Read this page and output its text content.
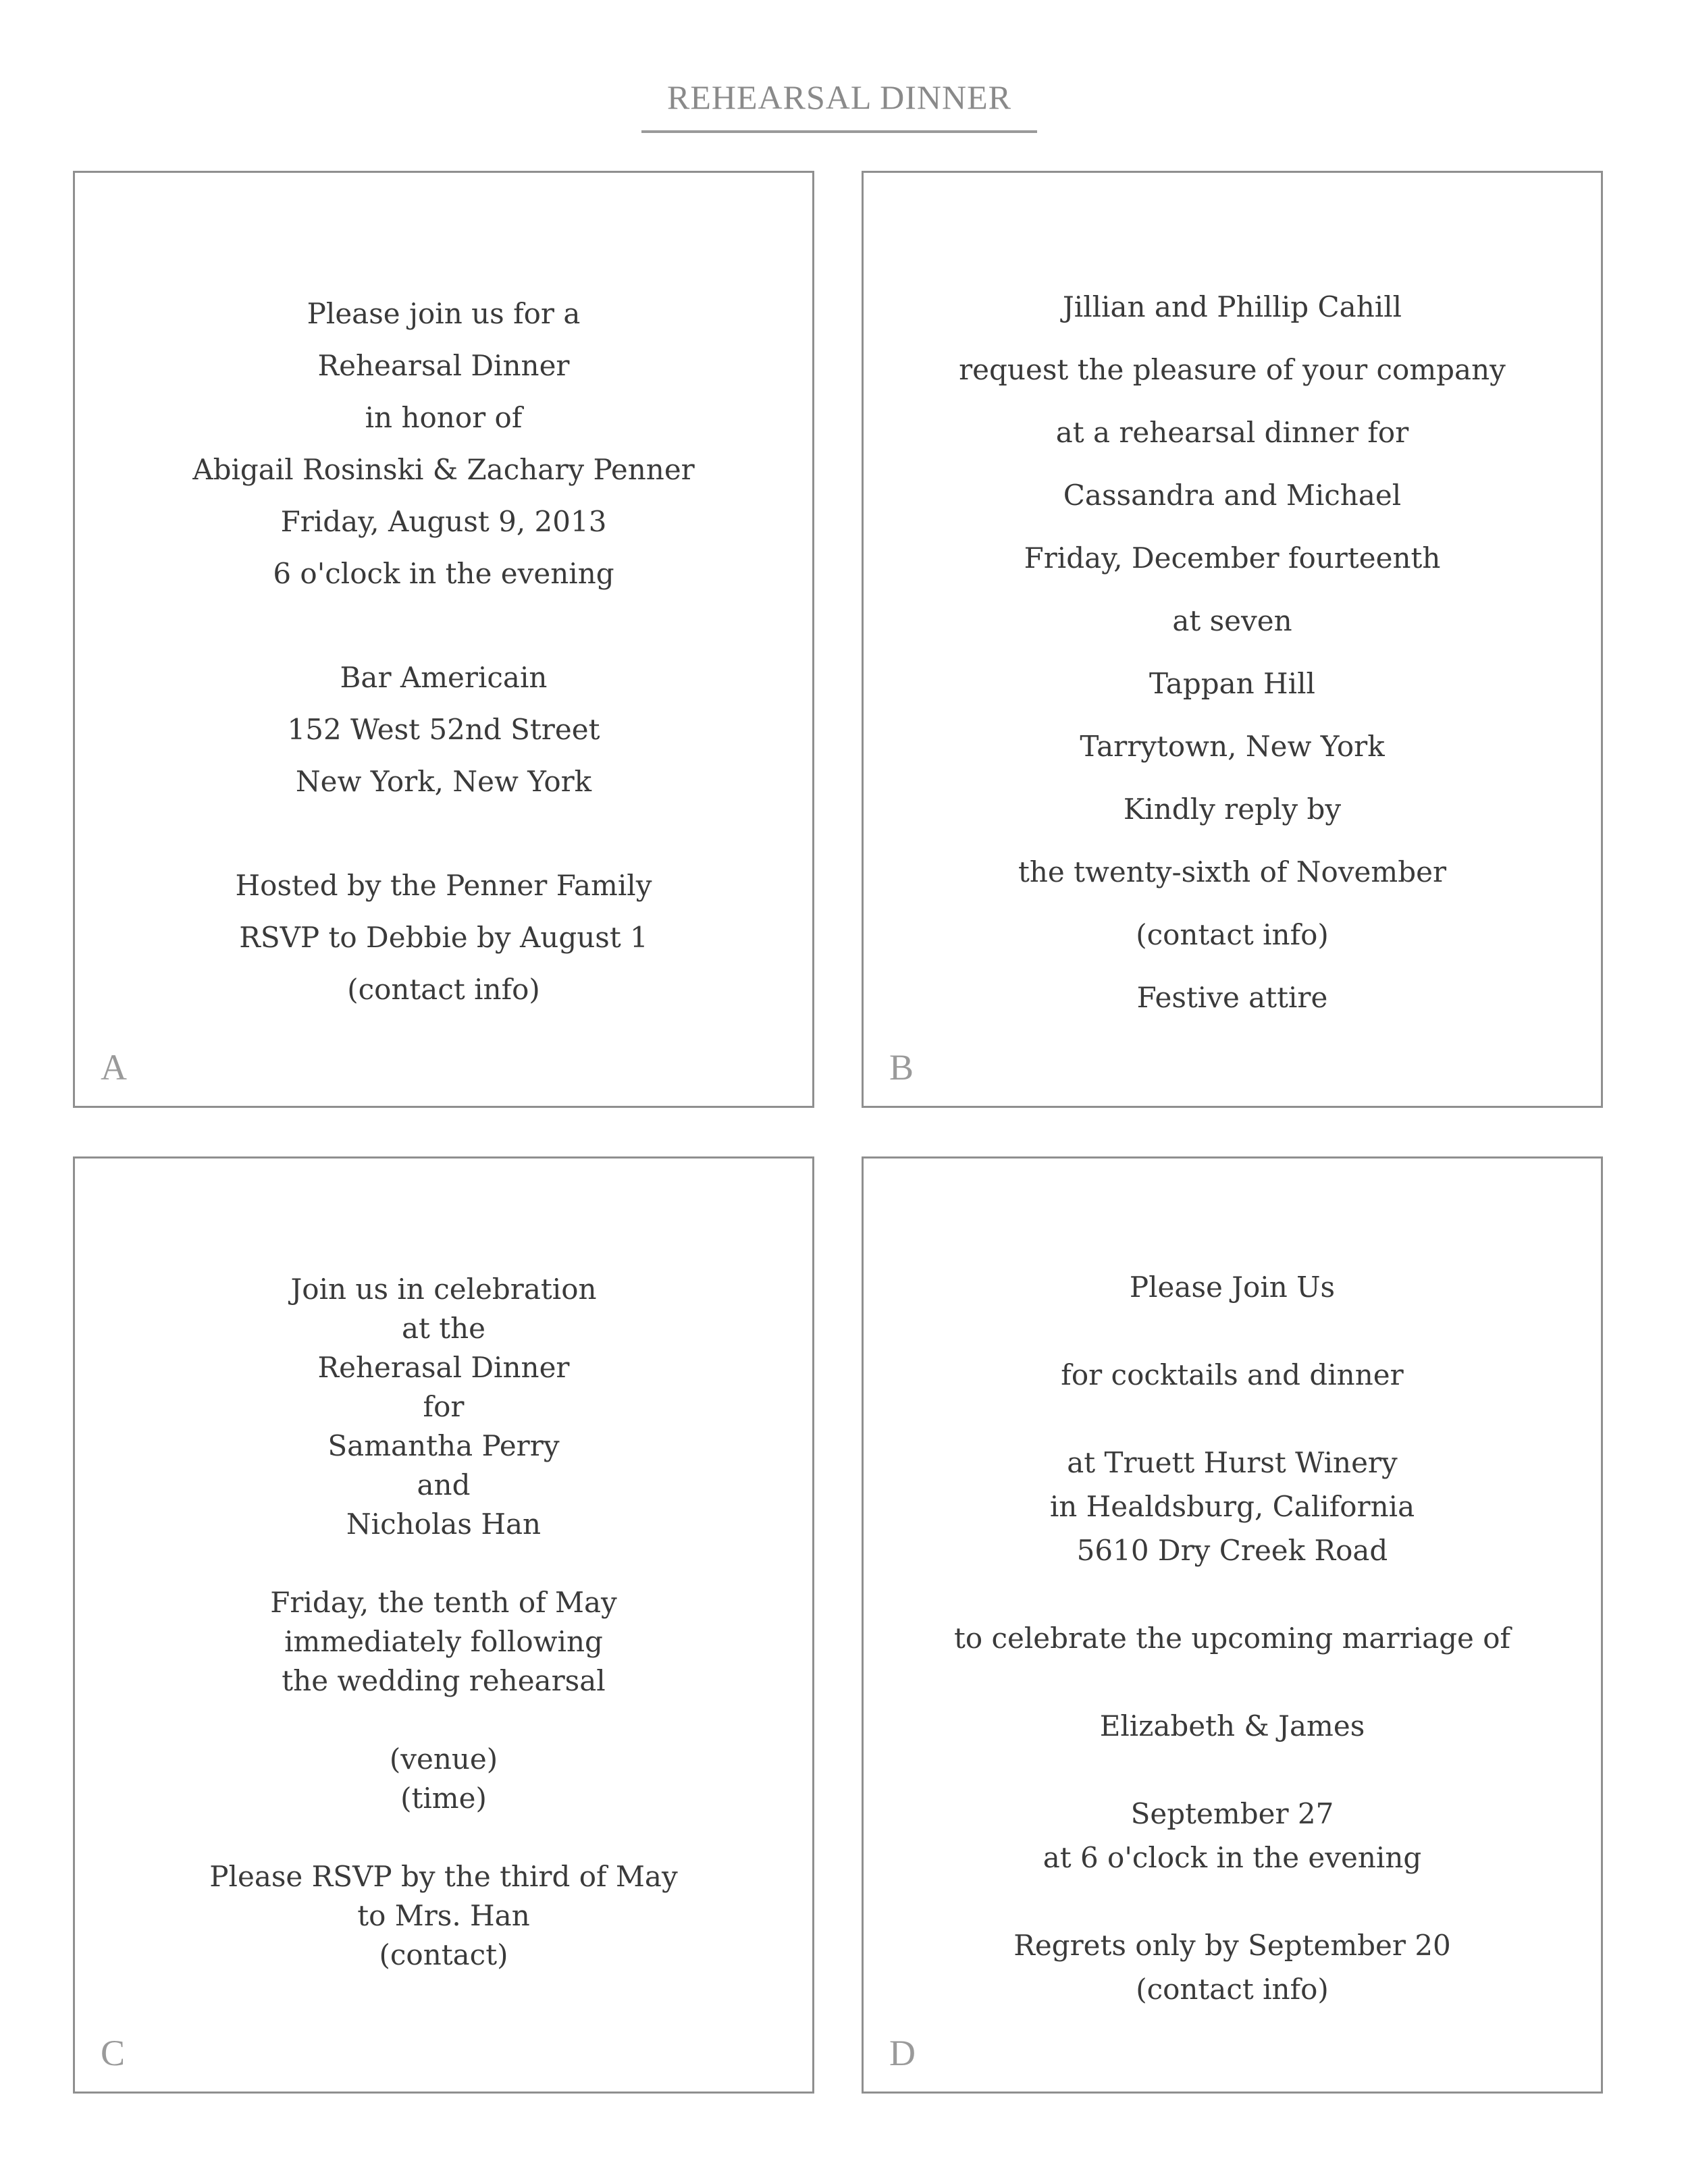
REHEARSAL DINNER
Please join us for a
Rehearsal Dinner
in honor of
Abigail Rosinski & Zachary Penner
Friday, August 9, 2013
6 o'clock in the evening
Bar Americain
152 West 52nd Street
New York, New York
Hosted by the Penner Family
RSVP to Debbie by August 1
(contact info)
A
Jillian and Phillip Cahill
request the pleasure of your company
at a rehearsal dinner for
Cassandra and Michael
Friday, December fourteenth
at seven
Tappan Hill
Tarrytown, New York
Kindly reply by
the twenty-sixth of November
(contact info)
Festive attire
B
Join us in celebration
at the
Reherasal Dinner
for
Samantha Perry
and
Nicholas Han
Friday, the tenth of May
immediately following
the wedding rehearsal
(venue)
(time)
Please RSVP by the third of May
to Mrs. Han
(contact)
C
Please Join Us
for cocktails and dinner
at Truett Hurst Winery
in Healdsburg, California
5610 Dry Creek Road
to celebrate the upcoming marriage of
Elizabeth & James
September 27
at 6 o'clock in the evening
Regrets only by September 20
(contact info)
D
